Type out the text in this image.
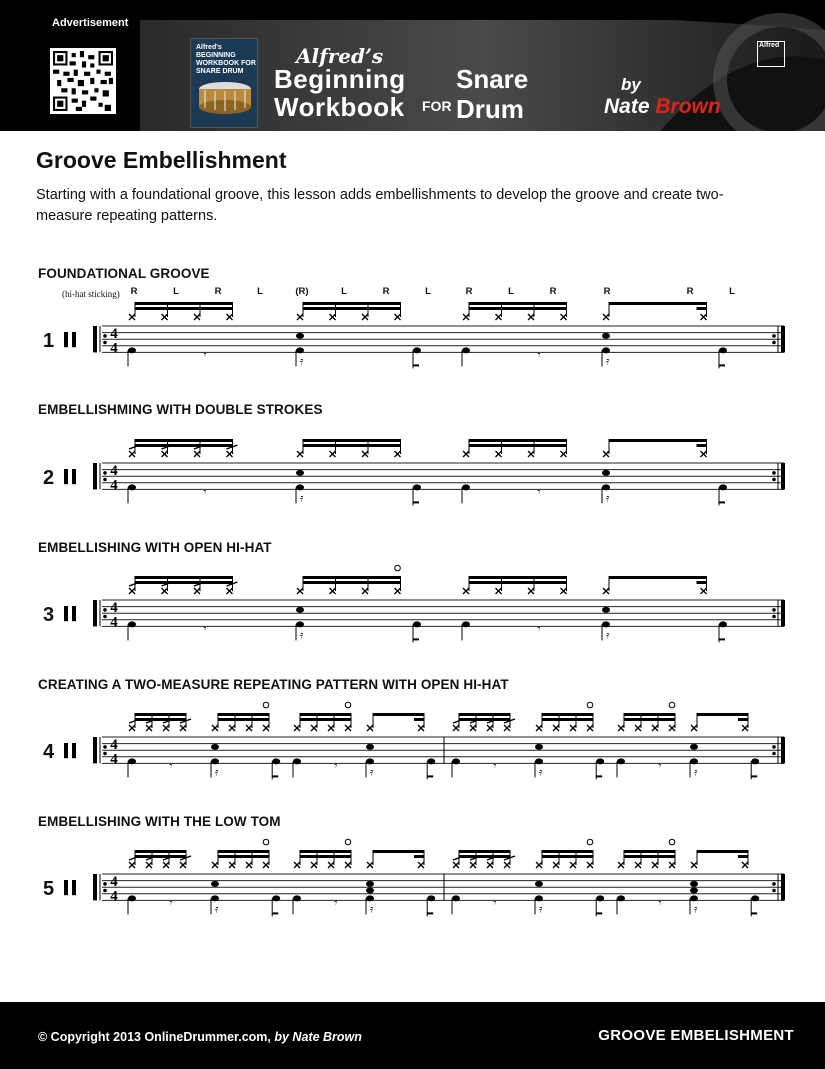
Advertisement
Alfred's BEGINNING WORKBOOK FOR SNARE DRUM
Alfred’s
Beginning
Workbook FOR
Snare
Drum
by
Nate Brown
Alfred
Groove Embellishment
Starting with a foundational groove, this lesson adds embellishments to develop the groove and create two-measure repeating patterns.
FOUNDATIONAL GROOVE
EMBELLISHMING WITH DOUBLE STROKES
EMBELLISHING WITH OPEN HI-HAT
CREATING A TWO-MEASURE REPEATING PATTERN WITH OPEN HI-HAT
EMBELLISHING WITH THE LOW TOM
1
2
3
4
5
(hi-hat sticking) R	L	R	L	(R)	L	R	L	R	L	R	R	R	L
4
4	𝄾	𝄿	𝄾	𝄿
4
4	𝄾	𝄿	𝄾	𝄿
4
4	𝄾	𝄿	𝄾	𝄿
4
4	𝄾	𝄿	𝄾	𝄿	𝄾	𝄿	𝄾	𝄿
4
4	𝄾	𝄿	𝄾	𝄿	𝄾	𝄿	𝄾	𝄿
© Copyright 2013 OnlineDrummer.com, by Nate Brown	GROOVE EMBELISHMENT
